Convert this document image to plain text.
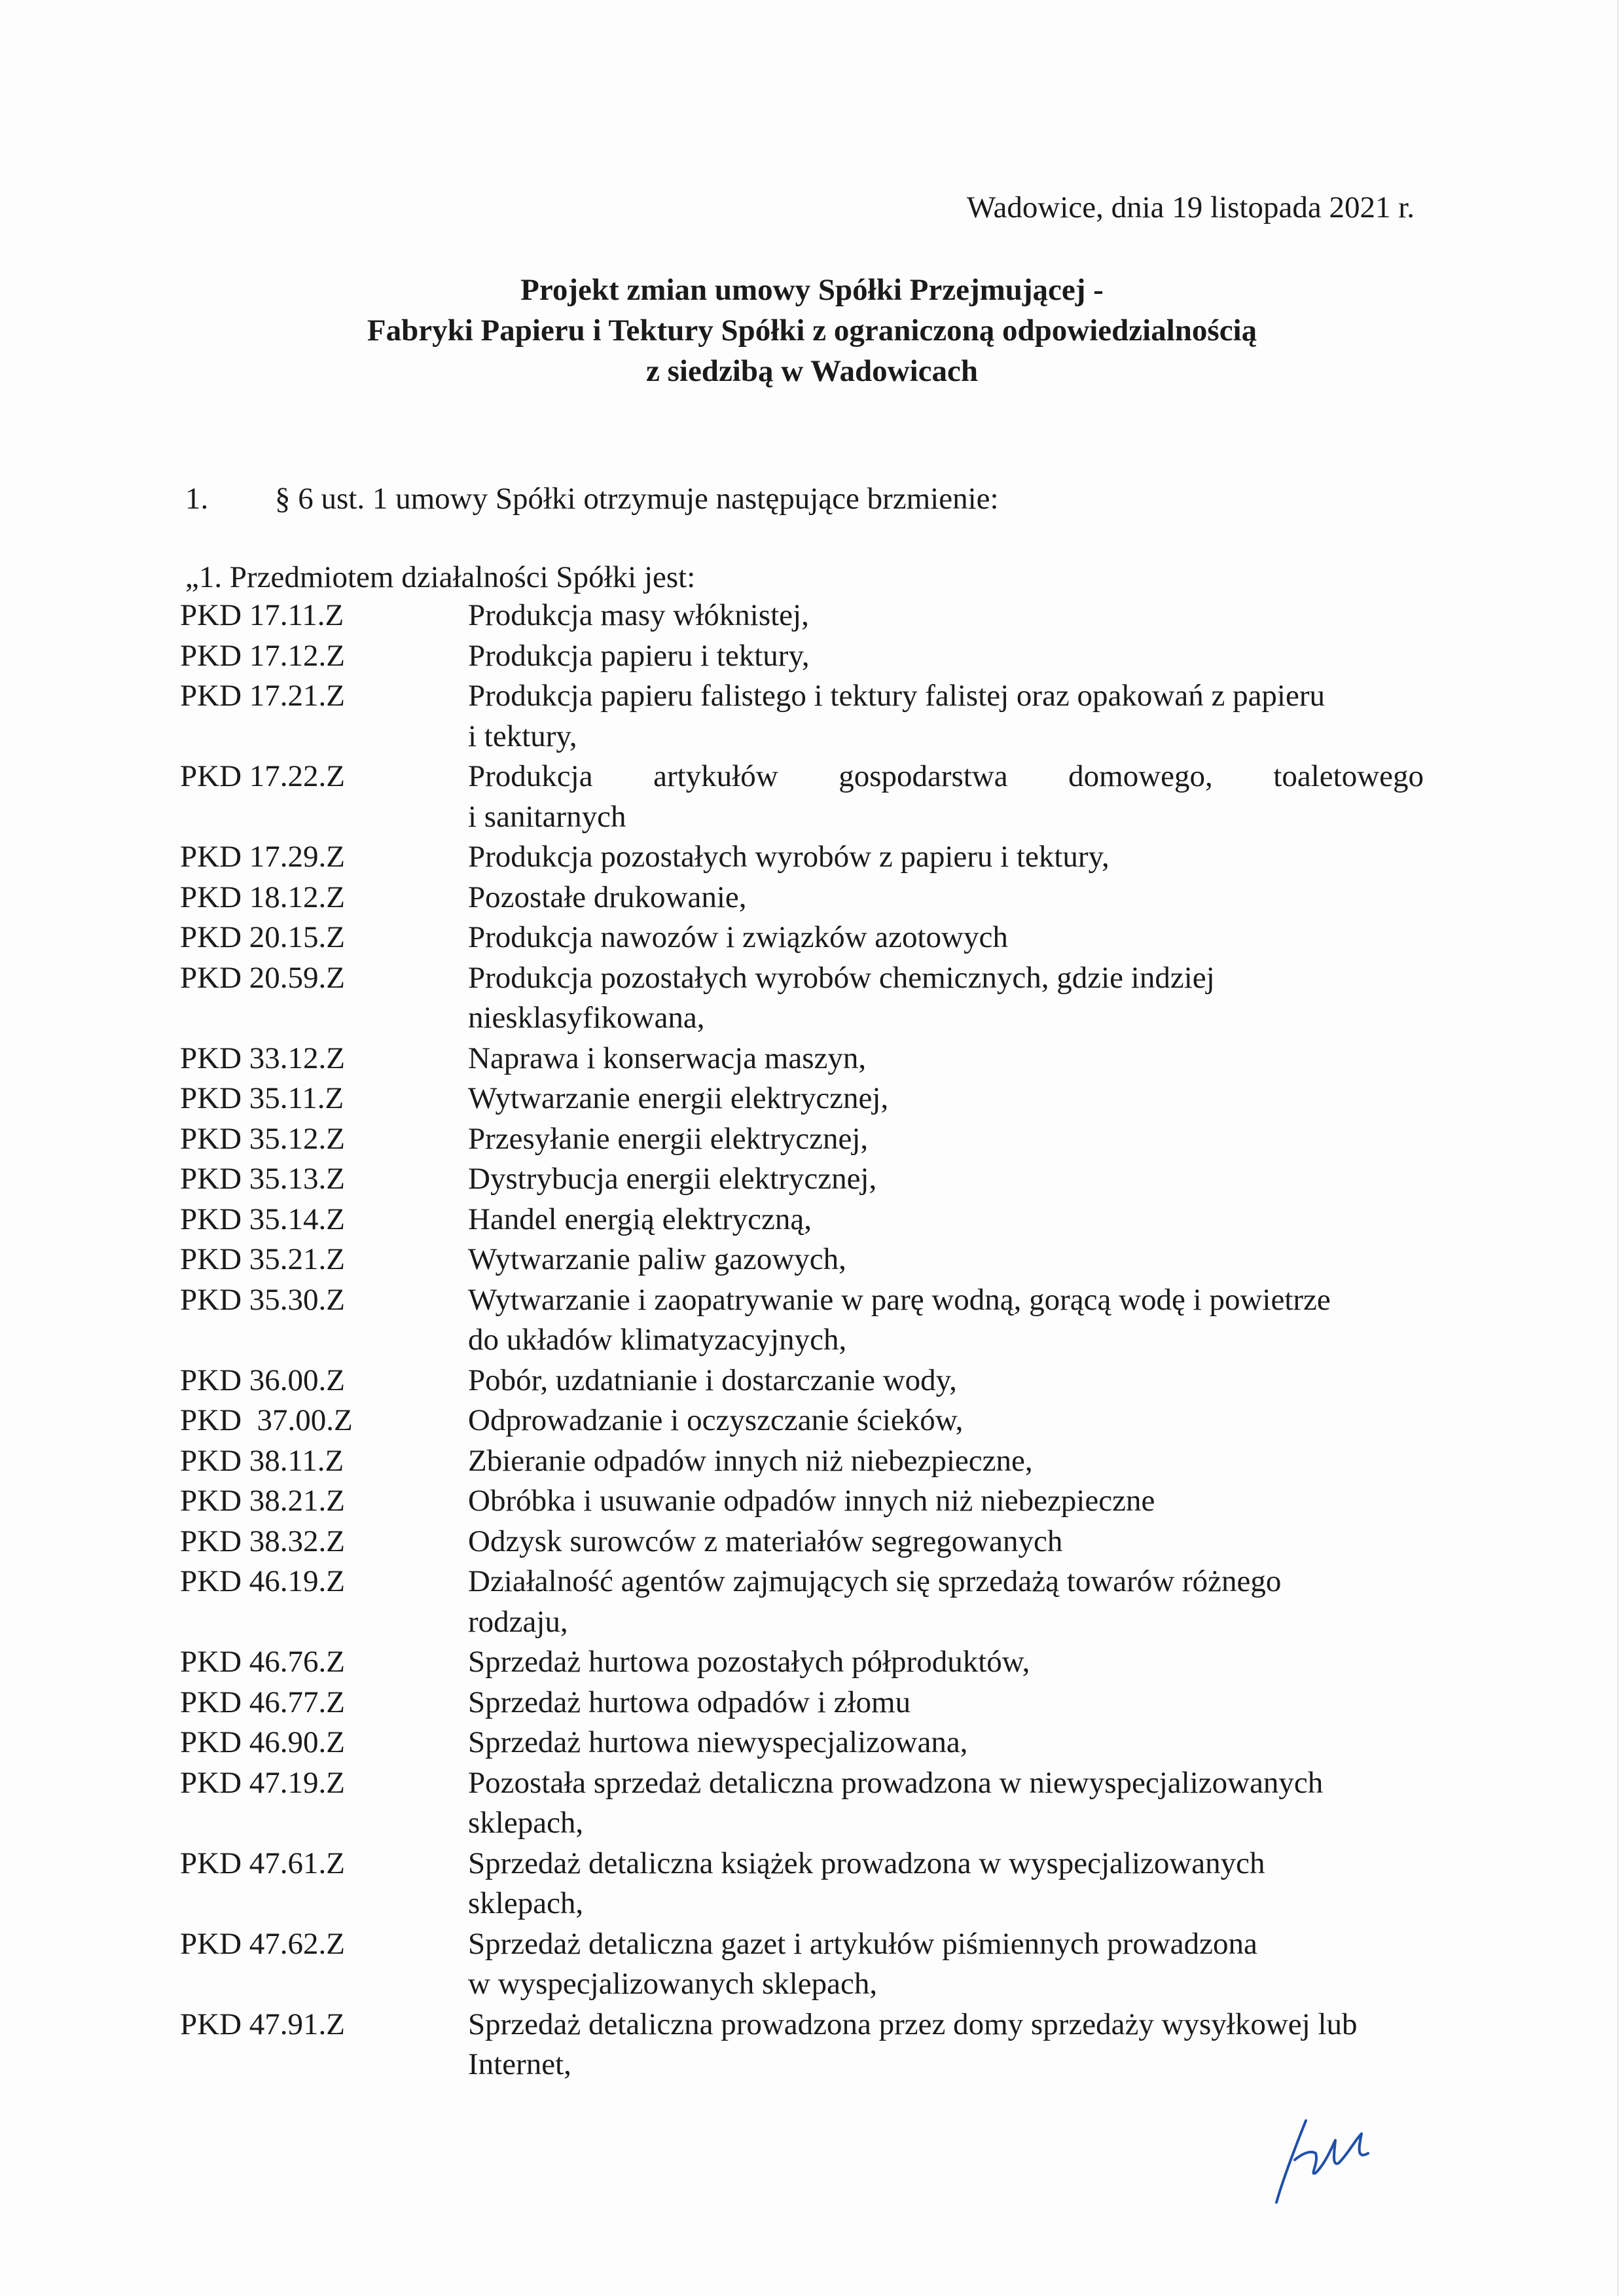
Wadowice, dnia 19 listopada 2021 r.
Projekt zmian umowy Spółki Przejmującej -
Fabryki Papieru i Tektury Spółki z ograniczoną odpowiedzialnością
z siedzibą w Wadowicach
1. § 6 ust. 1 umowy Spółki otrzymuje następujące brzmienie:
„1. Przedmiotem działalności Spółki jest:
PKD 17.11.Z	Produkcja masy włóknistej,
PKD 17.12.Z	Produkcja papieru i tektury,
PKD 17.21.Z	Produkcja papieru falistego i tektury falistej oraz opakowań z papieru
i tektury,
PKD 17.22.Z	Produkcja artykułów gospodarstwa domowego, toaletowego
i sanitarnych
PKD 17.29.Z	Produkcja pozostałych wyrobów z papieru i tektury,
PKD 18.12.Z	Pozostałe drukowanie,
PKD 20.15.Z	Produkcja nawozów i związków azotowych
PKD 20.59.Z	Produkcja pozostałych wyrobów chemicznych, gdzie indziej
niesklasyfikowana,
PKD 33.12.Z	Naprawa i konserwacja maszyn,
PKD 35.11.Z	Wytwarzanie energii elektrycznej,
PKD 35.12.Z	Przesyłanie energii elektrycznej,
PKD 35.13.Z	Dystrybucja energii elektrycznej,
PKD 35.14.Z	Handel energią elektryczną,
PKD 35.21.Z	Wytwarzanie paliw gazowych,
PKD 35.30.Z	Wytwarzanie i zaopatrywanie w parę wodną, gorącą wodę i powietrze
do układów klimatyzacyjnych,
PKD 36.00.Z	Pobór, uzdatnianie i dostarczanie wody,
PKD  37.00.Z	Odprowadzanie i oczyszczanie ścieków,
PKD 38.11.Z	Zbieranie odpadów innych niż niebezpieczne,
PKD 38.21.Z	Obróbka i usuwanie odpadów innych niż niebezpieczne
PKD 38.32.Z	Odzysk surowców z materiałów segregowanych
PKD 46.19.Z	Działalność agentów zajmujących się sprzedażą towarów różnego
rodzaju,
PKD 46.76.Z	Sprzedaż hurtowa pozostałych półproduktów,
PKD 46.77.Z	Sprzedaż hurtowa odpadów i złomu
PKD 46.90.Z	Sprzedaż hurtowa niewyspecjalizowana,
PKD 47.19.Z	Pozostała sprzedaż detaliczna prowadzona w niewyspecjalizowanych
sklepach,
PKD 47.61.Z	Sprzedaż detaliczna książek prowadzona w wyspecjalizowanych
sklepach,
PKD 47.62.Z	Sprzedaż detaliczna gazet i artykułów piśmiennych prowadzona
w wyspecjalizowanych sklepach,
PKD 47.91.Z	Sprzedaż detaliczna prowadzona przez domy sprzedaży wysyłkowej lub
Internet,
